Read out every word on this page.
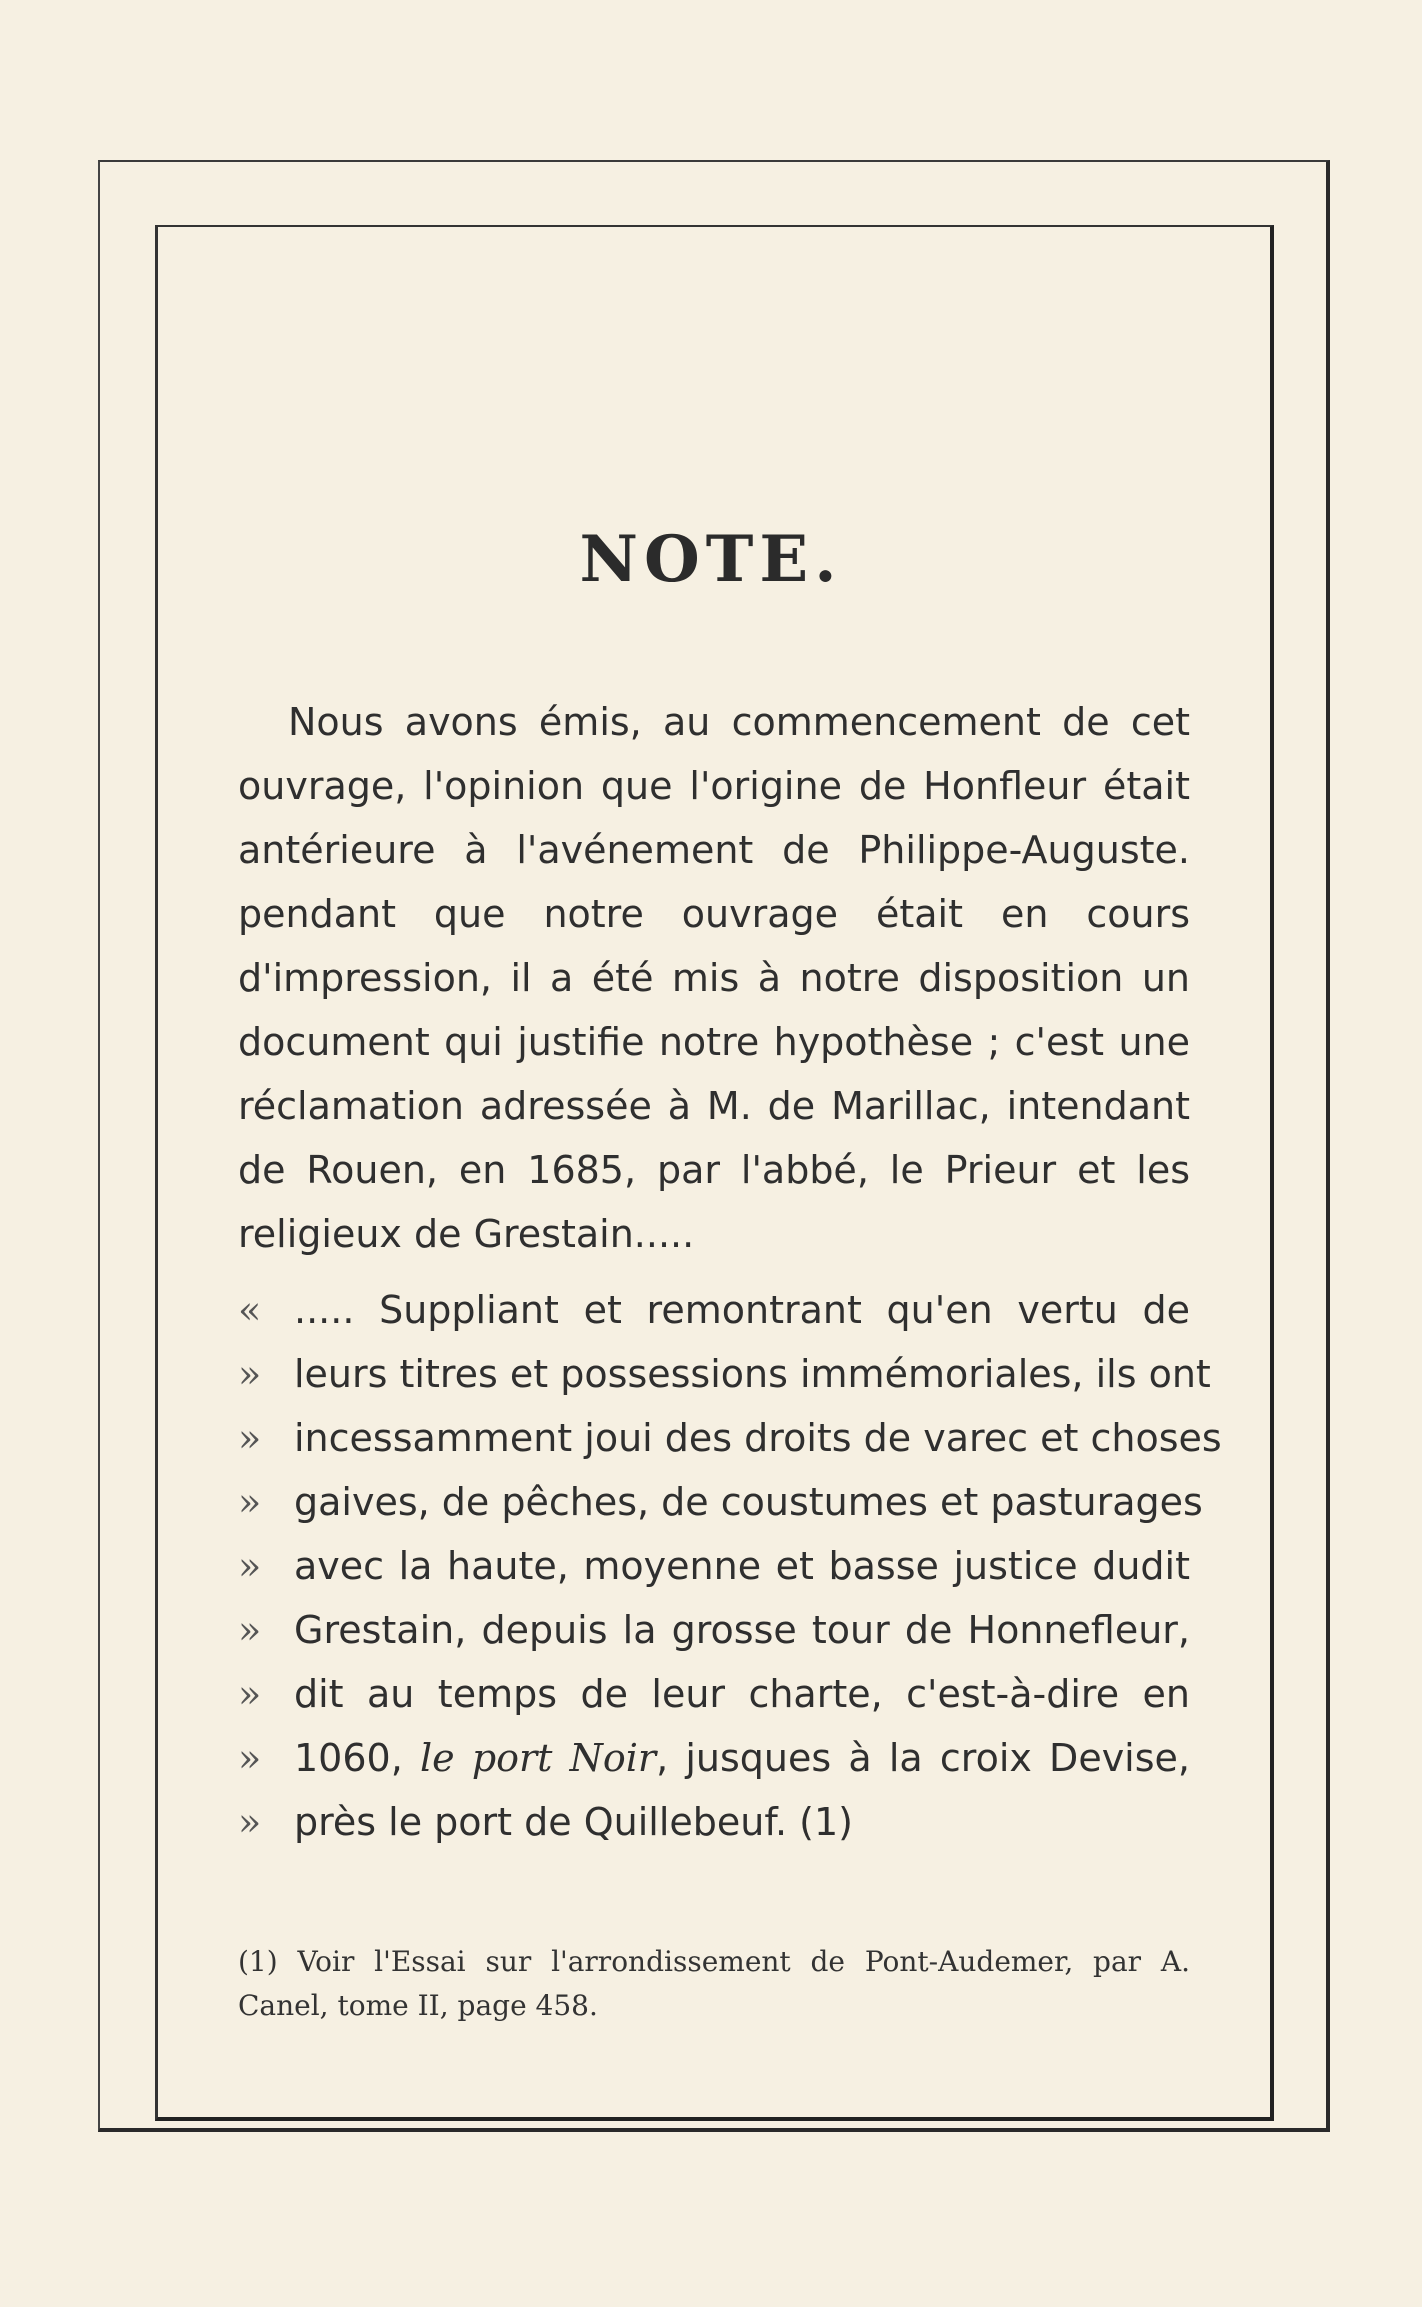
NOTE.
Nous avons émis, au commencement de cet ouvrage, l'opinion que l'origine de Honfleur était antérieure à l'avénement de Philippe-Auguste. pendant que notre ouvrage était en cours d'impression, il a été mis à notre disposition un document qui justifie notre hypothèse ; c'est une réclamation adressée à M. de Marillac, intendant de Rouen, en 1685, par l'abbé, le Prieur et les religieux de Grestain.....
« ..... Suppliant et remontrant qu'en vertu de
» leurs titres et possessions immémoriales, ils ont
» incessamment joui des droits de varec et choses
» gaives, de pêches, de coustumes et pasturages
» avec la haute, moyenne et basse justice dudit
» Grestain, depuis la grosse tour de Honnefleur,
» dit au temps de leur charte, c'est-à-dire en
» 1060, le port Noir, jusques à la croix Devise,
» près le port de Quillebeuf. (1)
(1) Voir l'Essai sur l'arrondissement de Pont-Audemer, par A. Canel, tome II, page 458.
